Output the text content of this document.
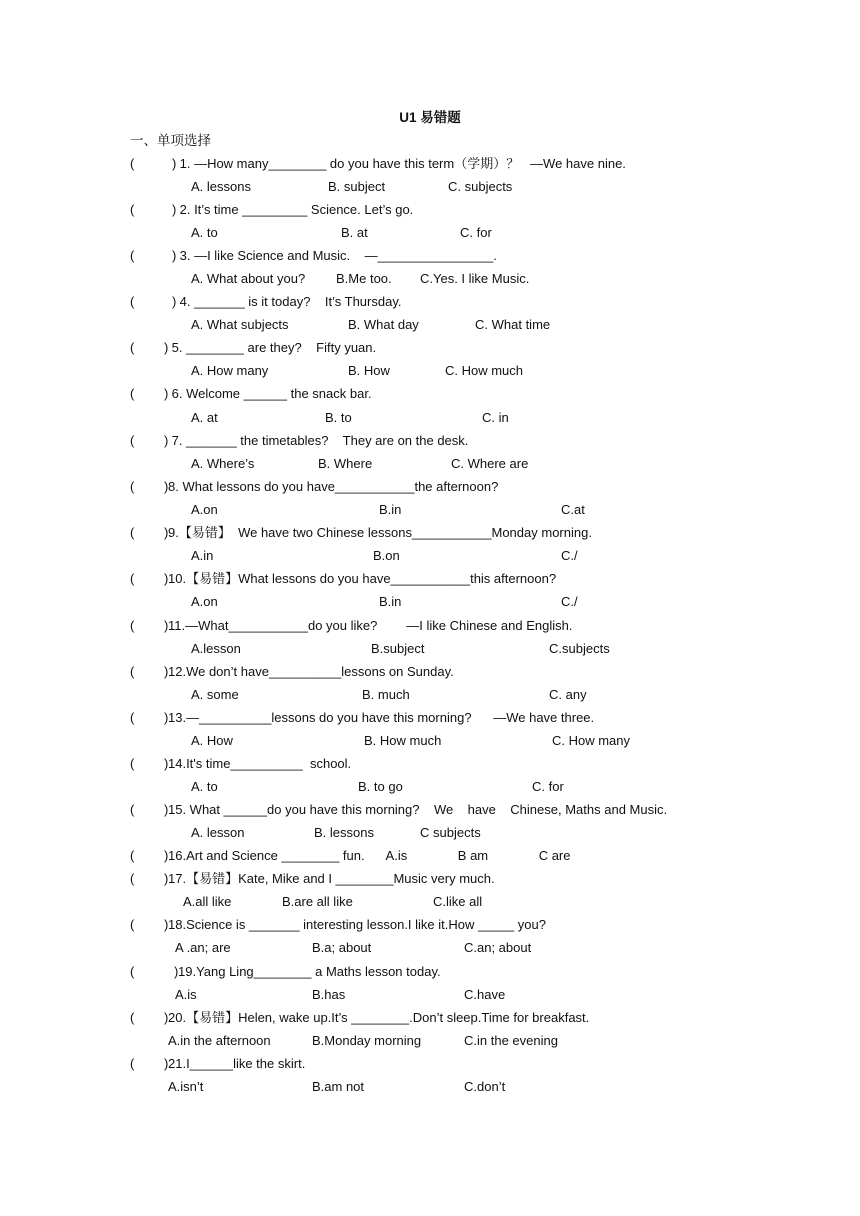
U1 易错题
一、单项选择
(	) 1. —How many________ do you have this term（学期）？   —We have nine.
A. lessons	B. subject	C. subjects
(	) 2. It’s time _________ Science. Let’s go.
A. to	B. at	C. for
(	) 3. —I like Science and Music.    —________________.
A. What about you? B.Me too. C.Yes. I like Music.
(	) 4. _______ is it today?    It’s Thursday.
A. What subjects	B. What day	C. What time
( ) 5. ________ are they?    Fifty yuan.
A. How many	B. How	C. How much
( ) 6. Welcome ______ the snack bar.
A. at	B. to	C. in
( ) 7. _______ the timetables?    They are on the desk.
A. Where’s	B. Where	C. Where are
( ) 8. What lessons do you have___________the afternoon?
A.on	B.in	C.at
( ) 9.【易错】  We have two Chinese lessons___________Monday morning.
A.in	B.on	C./
( ) 10.【易错】What lessons do you have___________this afternoon?
A.on	B.in	C./
( ) 11.—What___________do you like?        —I like Chinese and English.
A.lesson	B.subject	C.subjects
( ) 12.We don’t have__________lessons on Sunday.
A. some	B. much	C. any
( ) 13.—__________lessons do you have this morning?      —We have three.
A. How	B. How much	C. How many
( ) 14.It's time__________  school.
A. to	B. to go	C. for
( ) 15. What ______do you have this morning?    We    have    Chinese, Maths and Music.
A. lesson	B. lessons	C subjects
( ) 16.Art and Science ________ fun.      A.is              B am              C are
( ) 17.【易错】Kate, Mike and I ________Music very much.
A.all like	B.are all like	C.like all
( ) 18.Science is _______ interesting lesson.I like it.How _____ you?
A .an; are	B.a; about	C.an; about
(	) 19.Yang Ling________ a Maths lesson today.
A.is	B.has	C.have
( ) 20.【易错】Helen, wake up.It’s ________.Don’t sleep.Time for breakfast.
A.in the afternoon	B.Monday morning	C.in the evening
( ) 21.I______like the skirt.
A.isn’t	B.am not	C.don’t
